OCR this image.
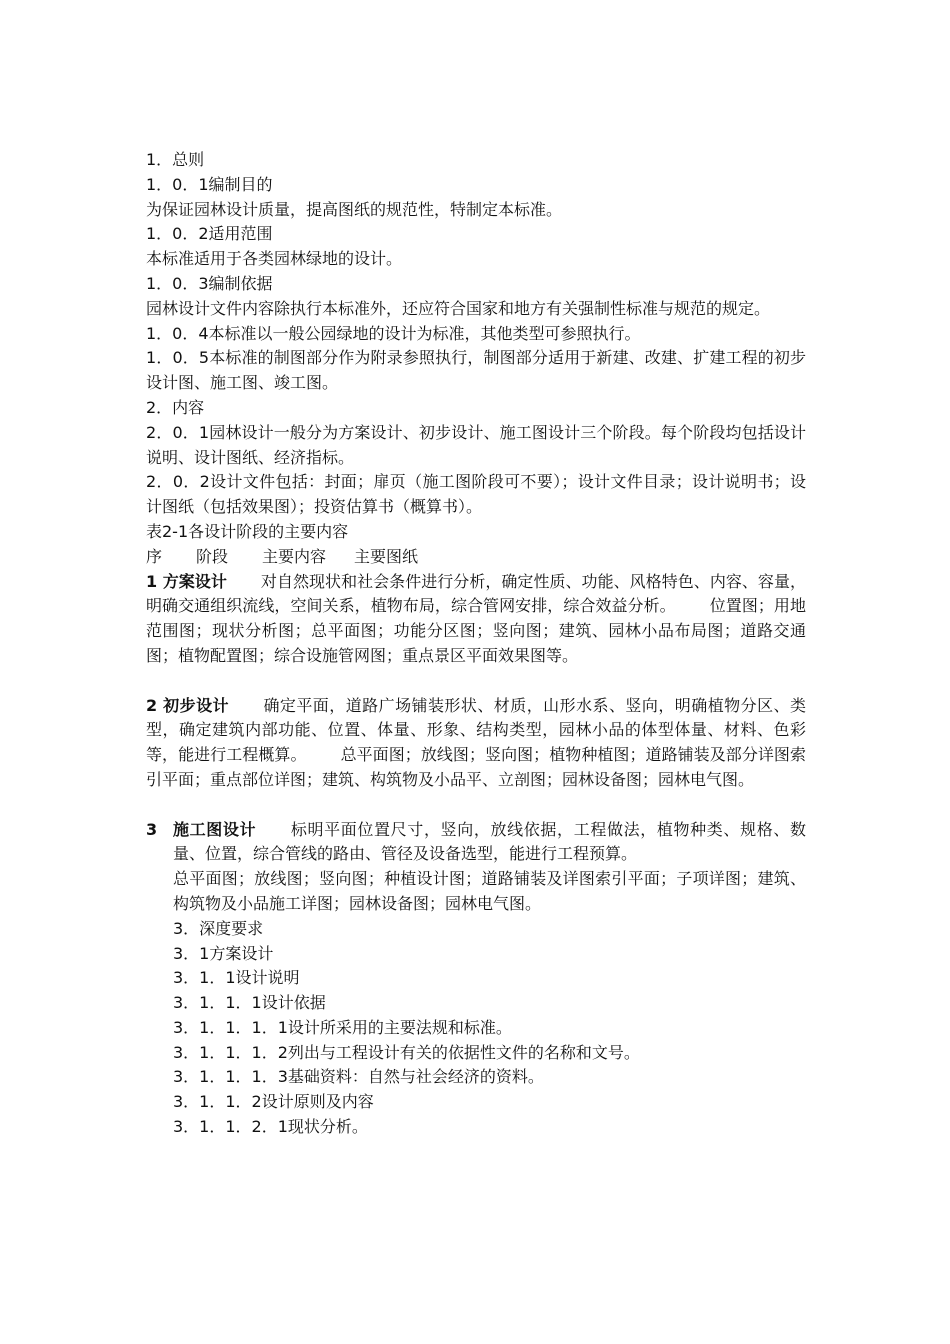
1．总则
1．0．1编制目的
为保证园林设计质量，提高图纸的规范性，特制定本标准。
1．0．2适用范围
本标准适用于各类园林绿地的设计。
1．0．3编制依据
园林设计文件内容除执行本标准外，还应符合国家和地方有关强制性标准与规范的规定。
1．0．4本标准以一般公园绿地的设计为标准，其他类型可参照执行。
1．0．5本标准的制图部分作为附录参照执行，制图部分适用于新建、改建、扩建工程的初步设计图、施工图、竣工图。
2．内容
2．0．1园林设计一般分为方案设计、初步设计、施工图设计三个阶段。每个阶段均包括设计说明、设计图纸、经济指标。
2．0．2设计文件包括：封面；扉页（施工图阶段可不要）；设计文件目录；设计说明书；设计图纸（包括效果图）；投资估算书（概算书）。
表2-1各设计阶段的主要内容
序 阶段 主要内容 主要图纸
1 方案设计 对自然现状和社会条件进行分析，确定性质、功能、风格特色、内容、容量，明确交通组织流线，空间关系，植物布局，综合管网安排，综合效益分析。 位置图；用地范围图；现状分析图；总平面图；功能分区图；竖向图；建筑、园林小品布局图；道路交通图；植物配置图；综合设施管网图；重点景区平面效果图等。
2 初步设计 确定平面，道路广场铺装形状、材质，山形水系、竖向，明确植物分区、类型，确定建筑内部功能、位置、体量、形象、结构类型，园林小品的体型体量、材料、色彩等，能进行工程概算。 总平面图；放线图；竖向图；植物种植图；道路铺装及部分详图索引平面；重点部位详图；建筑、构筑物及小品平、立剖图；园林设备图；园林电气图。
3 施工图设计 标明平面位置尺寸，竖向，放线依据，工程做法，植物种类、规格、数量、位置，综合管线的路由、管径及设备选型，能进行工程预算。
总平面图；放线图；竖向图；种植设计图；道路铺装及详图索引平面；子项详图；建筑、构筑物及小品施工详图；园林设备图；园林电气图。
3．深度要求
3．1方案设计
3．1．1设计说明
3．1．1．1设计依据
3．1．1．1．1设计所采用的主要法规和标准。
3．1．1．1．2列出与工程设计有关的依据性文件的名称和文号。
3．1．1．1．3基础资料：自然与社会经济的资料。
3．1．1．2设计原则及内容
3．1．1．2．1现状分析。
